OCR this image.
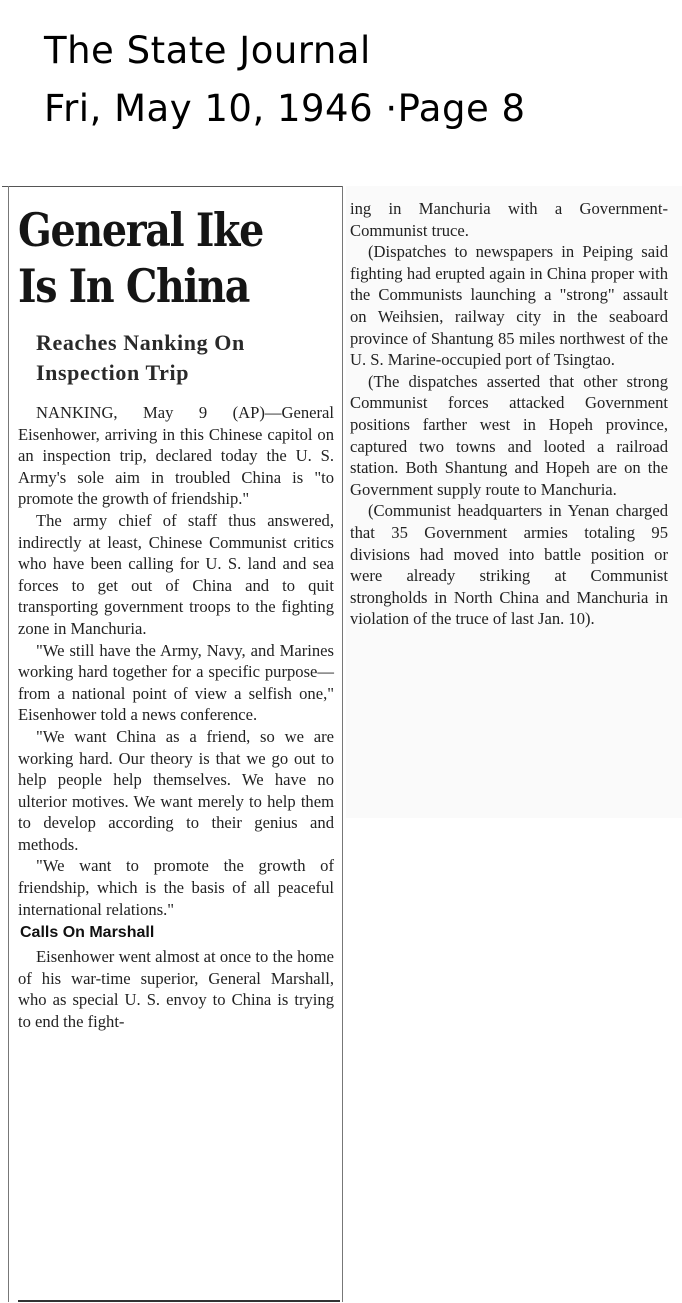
The State Journal
Fri, May 10, 1946 ·Page 8
General Ike
Is In China
Reaches Nanking On
Inspection Trip

NANKING, May 9 (AP)—General Eisenhower, arriving in this Chinese capitol on an inspection trip, declared today the U. S. Army's sole aim in troubled China is "to promote the growth of friendship."

The army chief of staff thus answered, indirectly at least, Chinese Communist critics who have been calling for U. S. land and sea forces to get out of China and to quit transporting government troops to the fighting zone in Manchuria.

"We still have the Army, Navy, and Marines working hard together for a specific purpose—from a national point of view a selfish one," Eisenhower told a news conference.

"We want China as a friend, so we are working hard. Our theory is that we go out to help people help themselves. We have no ulterior motives. We want merely to help them to develop according to their genius and methods.

"We want to promote the growth of friendship, which is the basis of all peaceful international relations."

Calls On Marshall

Eisenhower went almost at once to the home of his war-time superior, General Marshall, who as special U. S. envoy to China is trying to end the fight-

ing in Manchuria with a Government-Communist truce.

(Dispatches to newspapers in Peiping said fighting had erupted again in China proper with the Communists launching a "strong" assault on Weihsien, railway city in the seaboard province of Shantung 85 miles northwest of the U. S. Marine-occupied port of Tsingtao.

(The dispatches asserted that other strong Communist forces attacked Government positions farther west in Hopeh province, captured two towns and looted a railroad station. Both Shantung and Hopeh are on the Government supply route to Manchuria.

(Communist headquarters in Yenan charged that 35 Government armies totaling 95 divisions had moved into battle position or were already striking at Communist strongholds in North China and Manchuria in violation of the truce of last Jan. 10).
